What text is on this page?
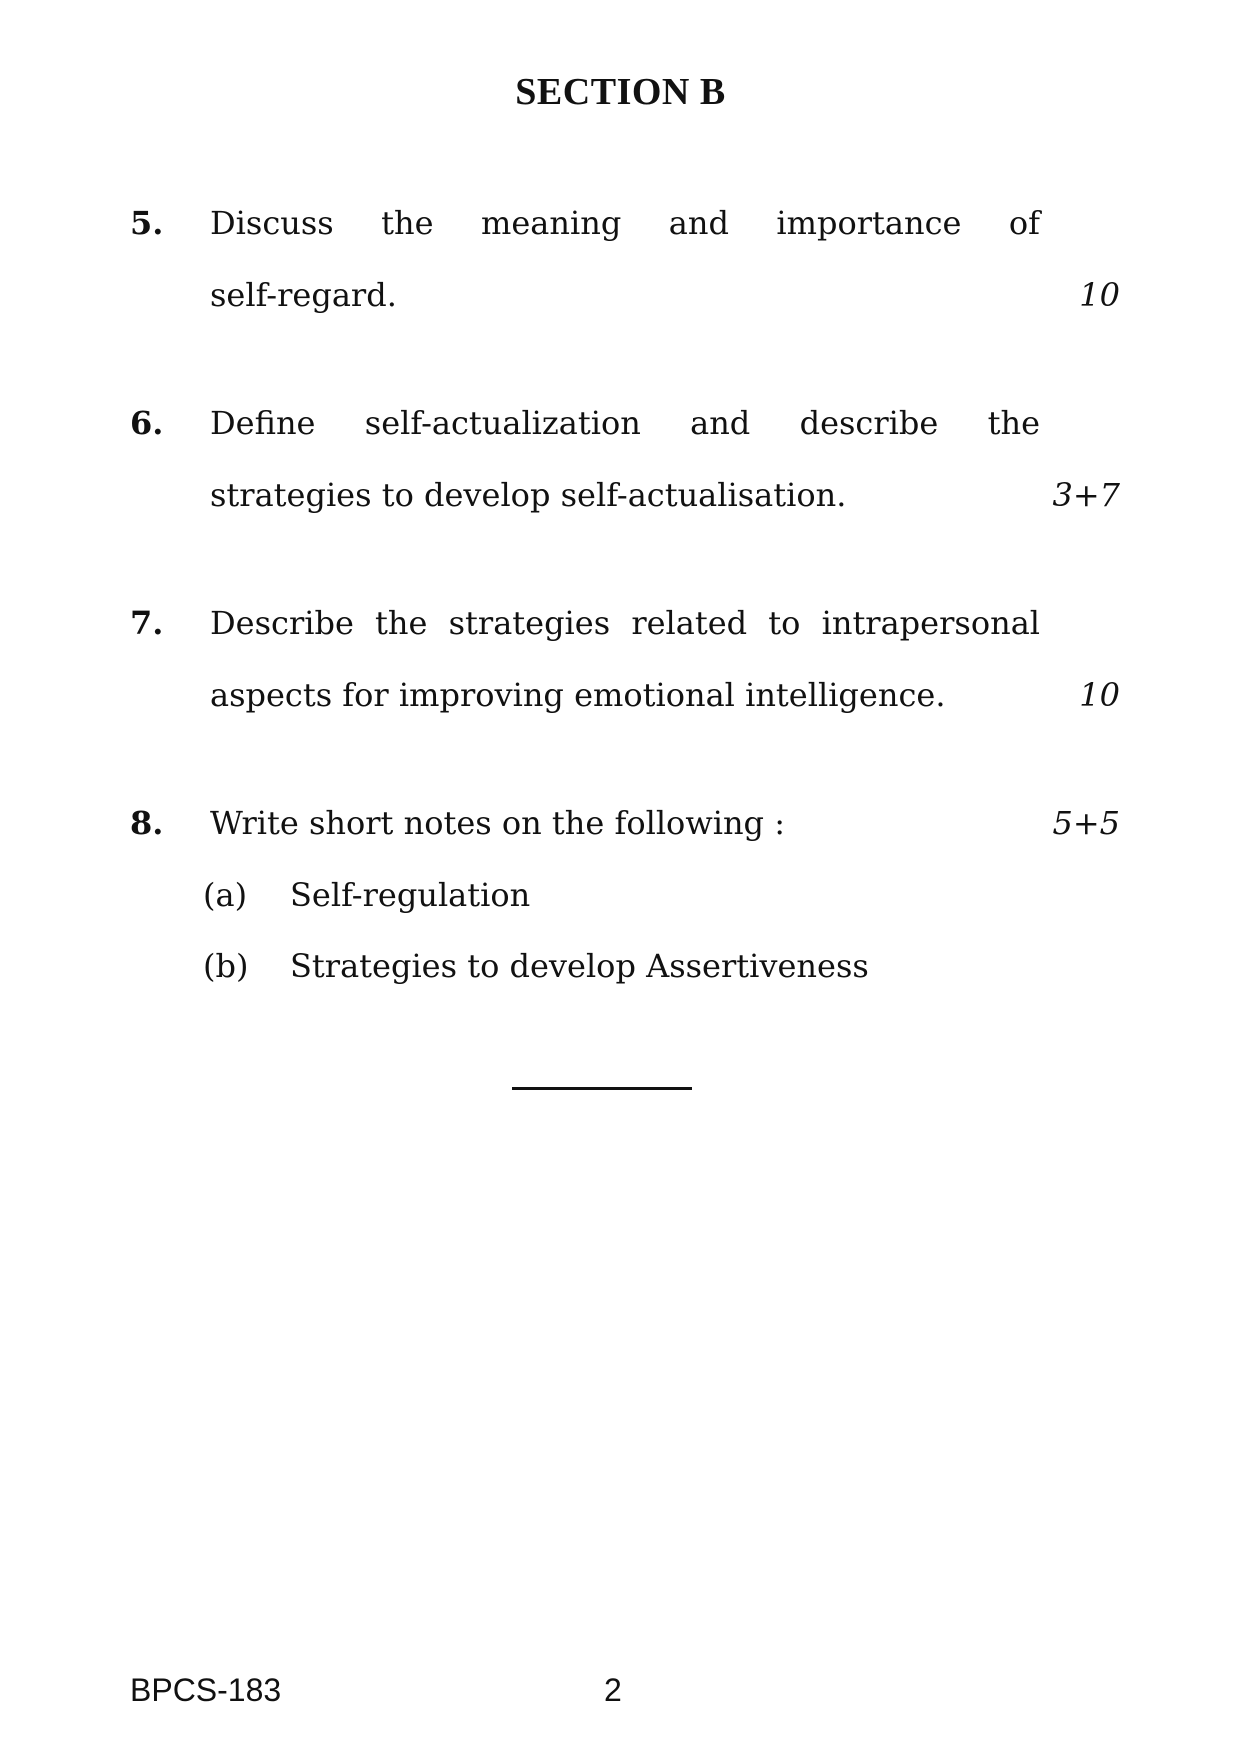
SECTION B
5. Discuss the meaning and importance of
self-regard.	10
6. Define self-actualization and describe the
strategies to develop self-actualisation.	3+7
7. Describe the strategies related to intrapersonal
aspects for improving emotional intelligence.	10
8. Write short notes on the following :	5+5
(a) Self-regulation
(b) Strategies to develop Assertiveness
BPCS-183	2
